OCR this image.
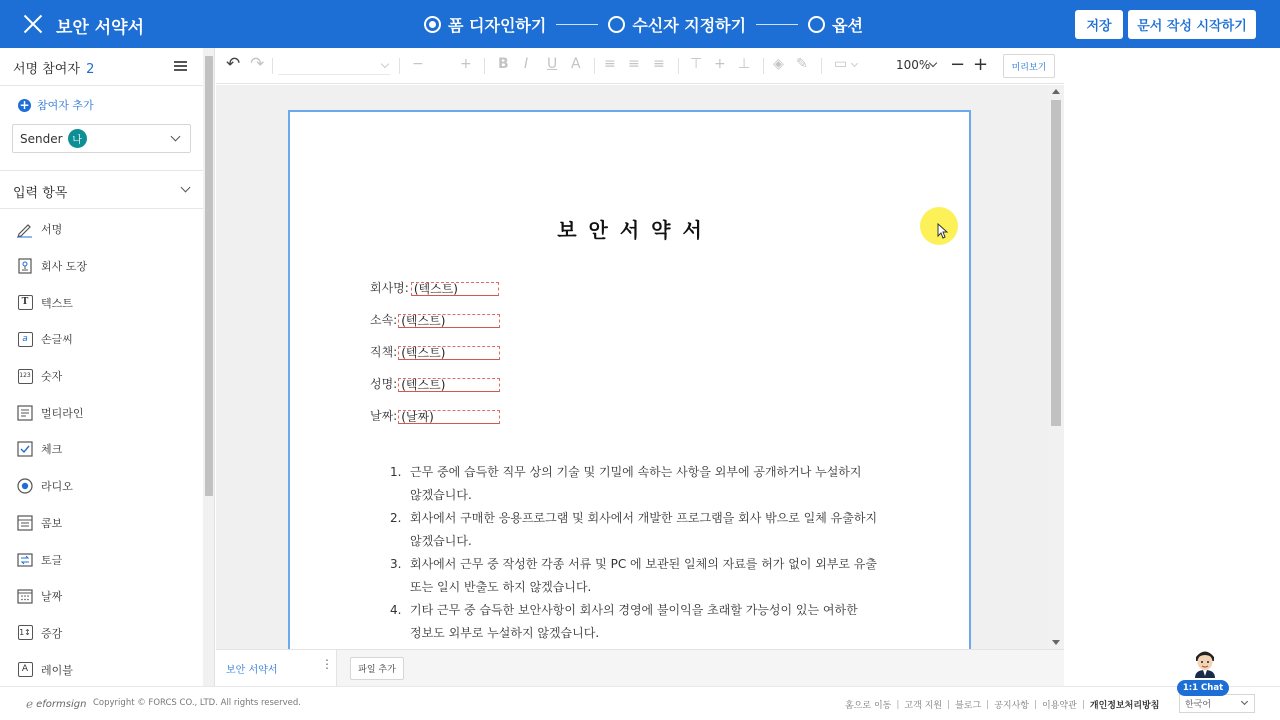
보안 서약서	폼 디자인하기	수신자 지정하기	옵션	저장	문서 작성 시작하기
서명 참여자 2
+ 참여자 추가
Sender 나
입력 항목
서명
회사 도장
T	텍스트
a	손글씨
123 숫자
멀티라인
체크
라디오
콤보
토글
날짜
1↕ 증감
A	레이블
↶ ↷	−	+ B I U A ≡ ≡ ≡ ⊤ + ⊥ ◈ ✎ ▭	100% − +	미리보기
보안서약서
회사명: (텍스트)
소속: (텍스트)
직책: (텍스트)
성명: (텍스트)
날짜: (날짜)
1. 근무 중에 습득한 직무 상의 기술 및 기밀에 속하는 사항을 외부에 공개하거나 누설하지
않겠습니다.
2. 회사에서 구매한 응용프로그램 및 회사에서 개발한 프로그램을 회사 밖으로 일체 유출하지
않겠습니다.
3. 회사에서 근무 중 작성한 각종 서류 및 PC 에 보관된 일체의 자료를 허가 없이 외부로 유출
또는 일시 반출도 하지 않겠습니다.
4. 기타 근무 중 습득한 보안사항이 회사의 경영에 불이익을 초래할 가능성이 있는 여하한
정보도 외부로 누설하지 않겠습니다.
보안 서약서	⋮	파일 추가
ℯ eformsign Copyright © FORCS CO., LTD. All rights reserved.	홈으로 이동 | 고객 지원 | 블로그 | 공지사항 | 이용약관 | 개인정보처리방침	한국어
1:1 Chat
